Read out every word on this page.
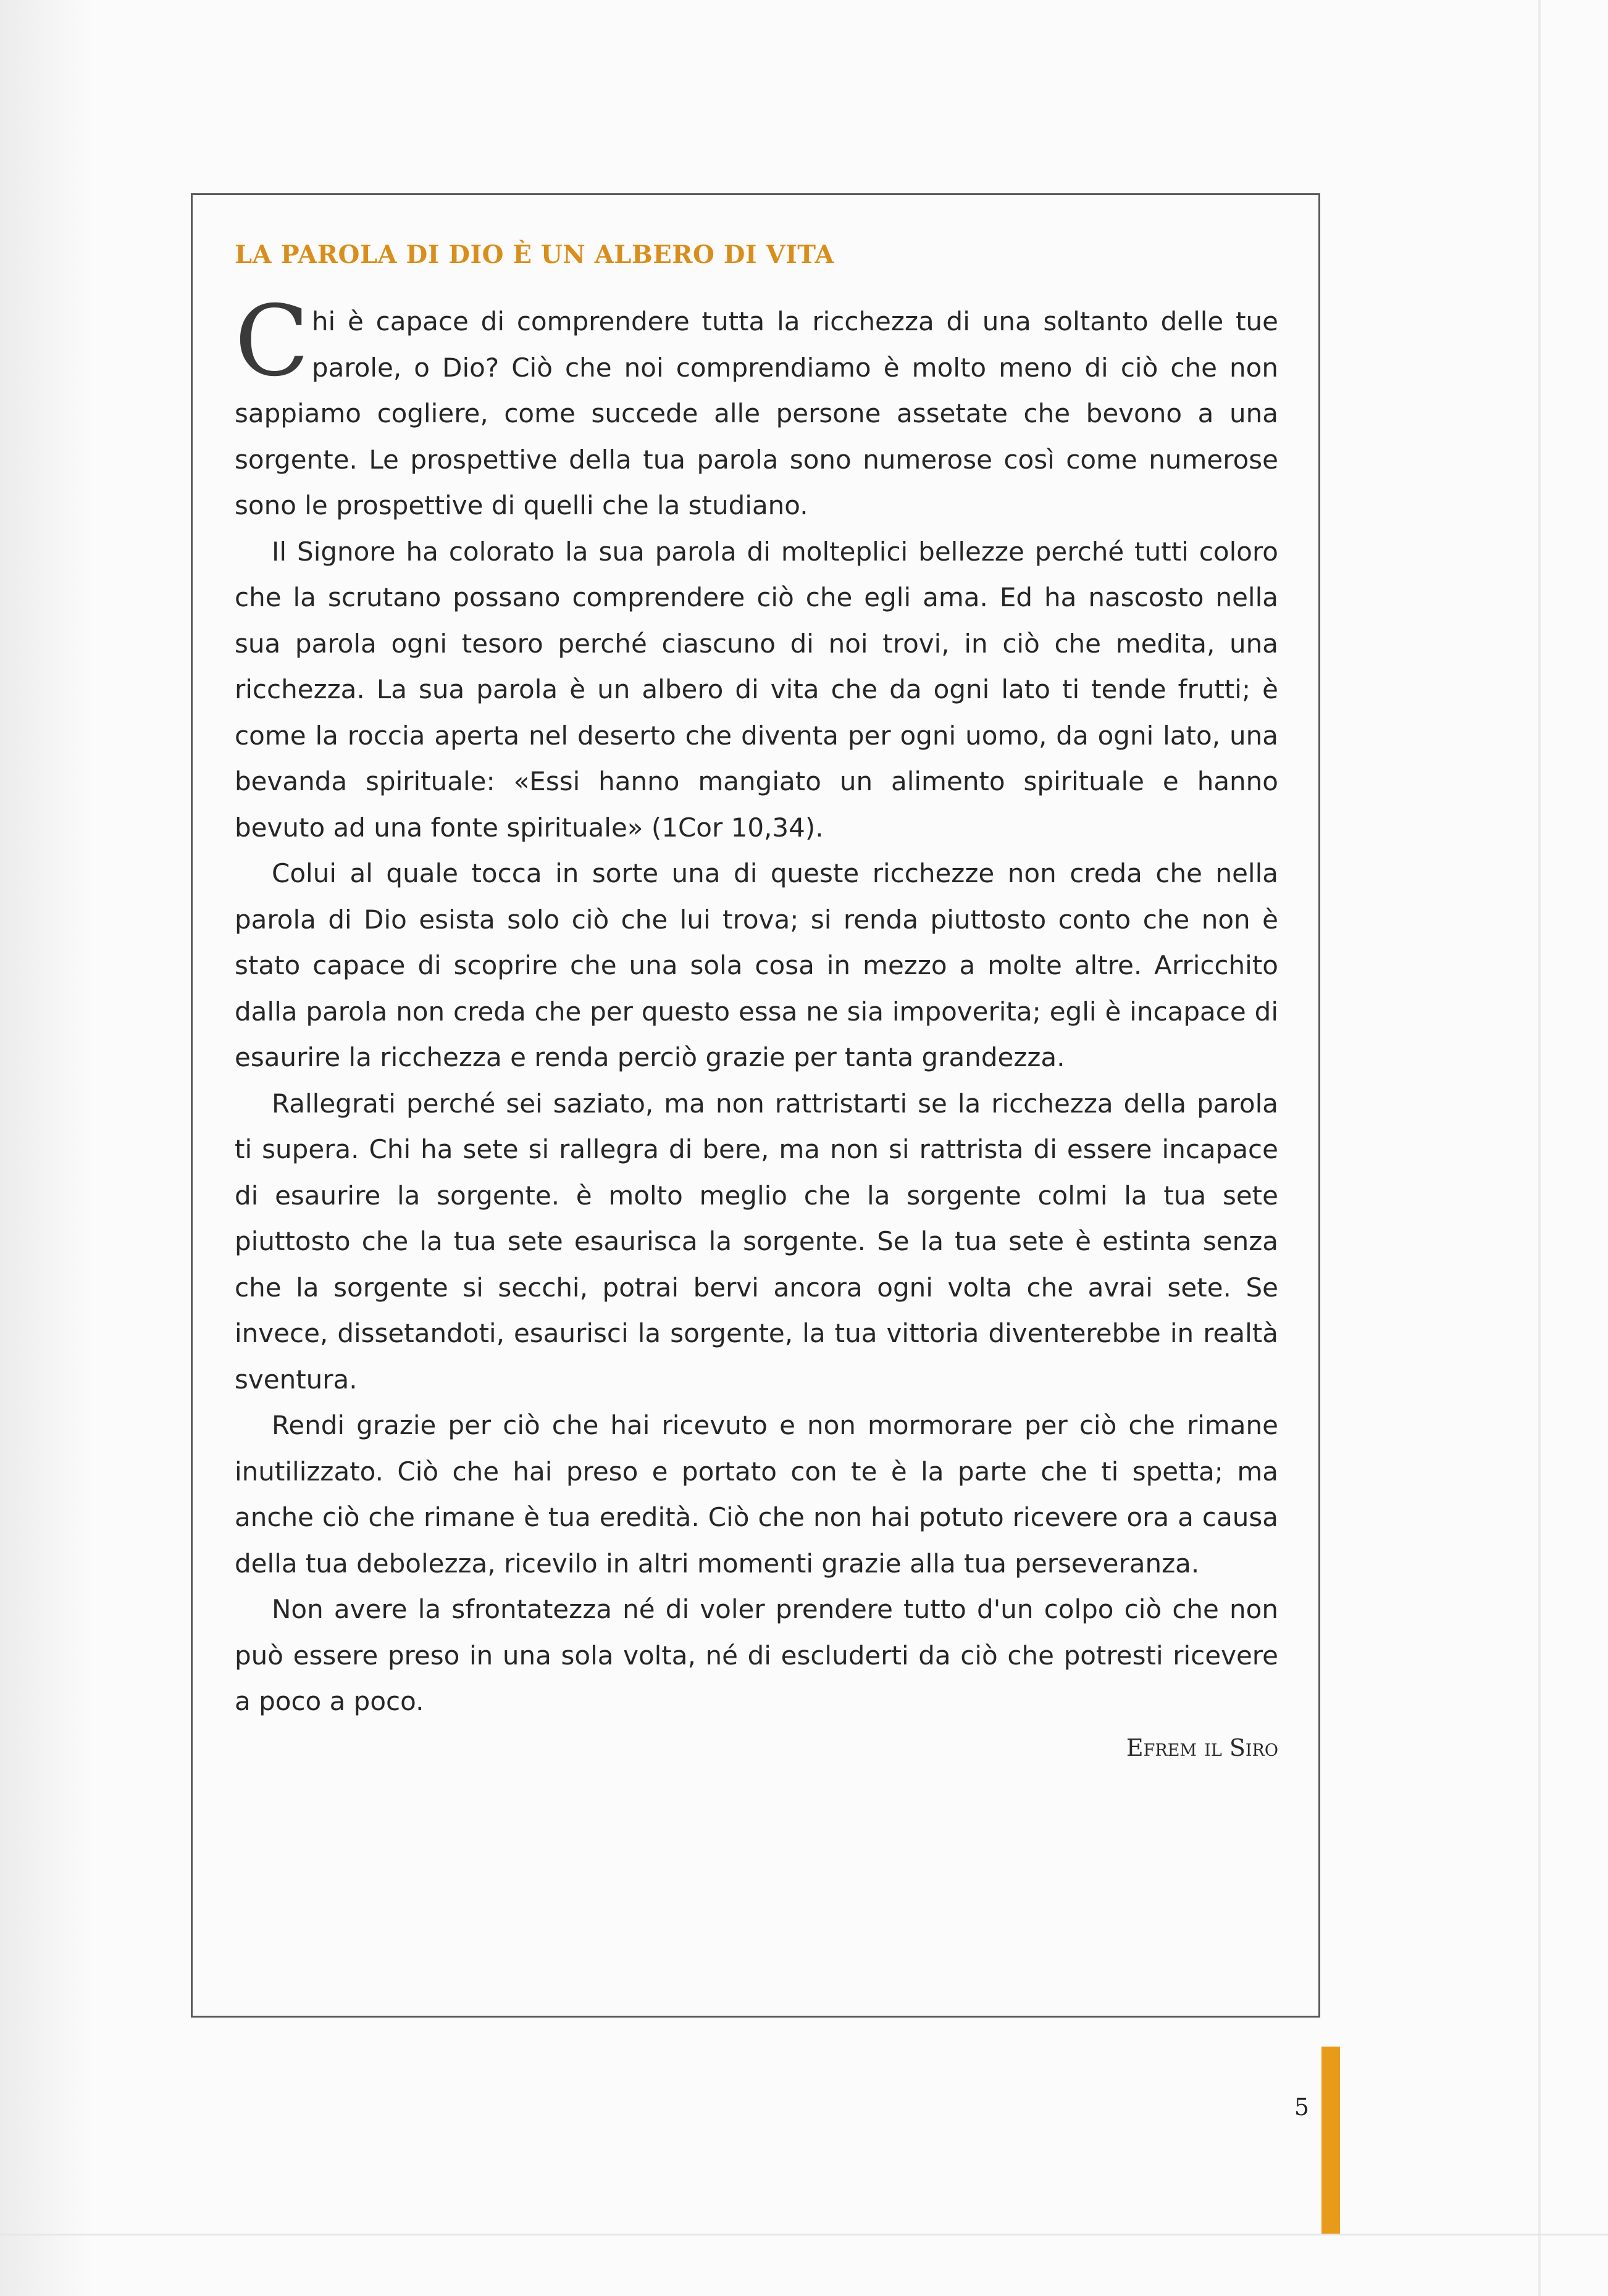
LA PAROLA DI DIO È UN ALBERO DI VITA

Chi è capace di comprendere tutta la ricchezza di una soltanto delle tue parole, o Dio? Ciò che noi comprendiamo è molto meno di ciò che non sappiamo cogliere, come succede alle persone assetate che bevono a una sorgente. Le prospettive della tua parola sono numerose così come numerose sono le prospettive di quelli che la studiano.

Il Signore ha colorato la sua parola di molteplici bellezze perché tutti coloro che la scrutano possano comprendere ciò che egli ama. Ed ha nascosto nella sua parola ogni tesoro perché ciascuno di noi trovi, in ciò che medita, una ricchezza. La sua parola è un albero di vita che da ogni lato ti tende frutti; è come la roccia aperta nel deserto che diventa per ogni uomo, da ogni lato, una bevanda spirituale: «Essi hanno mangiato un alimento spirituale e hanno bevuto ad una fonte spirituale» (1Cor 10,34).

Colui al quale tocca in sorte una di queste ricchezze non creda che nella parola di Dio esista solo ciò che lui trova; si renda piuttosto conto che non è stato capace di scoprire che una sola cosa in mezzo a molte altre. Arricchito dalla parola non creda che per questo essa ne sia impoverita; egli è incapace di esaurire la ricchezza e renda perciò grazie per tanta grandezza.

Rallegrati perché sei saziato, ma non rattristarti se la ricchezza della parola ti supera. Chi ha sete si rallegra di bere, ma non si rattrista di essere incapace di esaurire la sorgente. è molto meglio che la sorgente colmi la tua sete piuttosto che la tua sete esaurisca la sorgente. Se la tua sete è estinta senza che la sorgente si secchi, potrai bervi ancora ogni volta che avrai sete. Se invece, dissetandoti, esaurisci la sorgente, la tua vittoria diventerebbe in realtà sventura.

Rendi grazie per ciò che hai ricevuto e non mormorare per ciò che rimane inutilizzato. Ciò che hai preso e portato con te è la parte che ti spetta; ma anche ciò che rimane è tua eredità. Ciò che non hai potuto ricevere ora a causa della tua debolezza, ricevilo in altri momenti grazie alla tua perseveranza.

Non avere la sfrontatezza né di voler prendere tutto d'un colpo ciò che non può essere preso in una sola volta, né di escluderti da ciò che potresti ricevere a poco a poco.

Efrem il Siro

5
